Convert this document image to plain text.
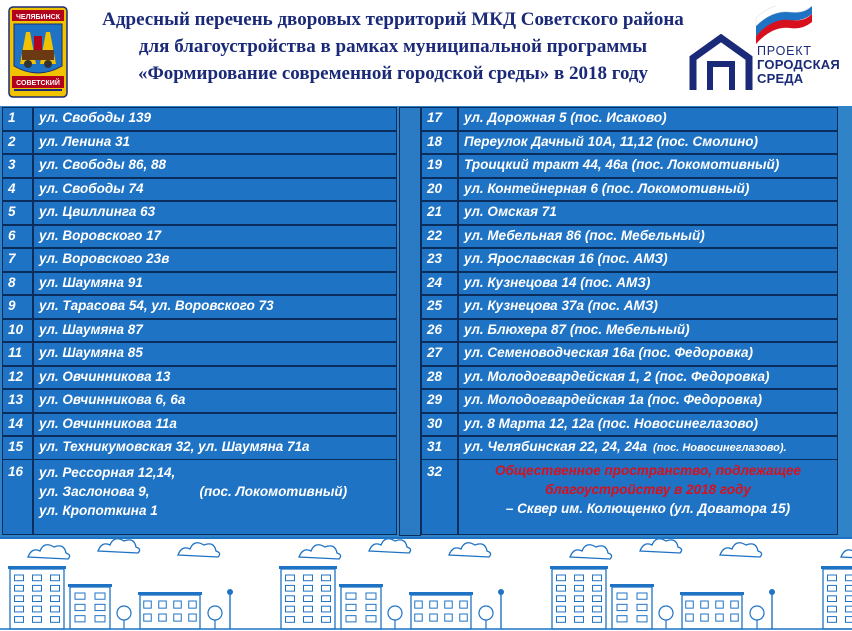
ЧЕЛЯБИНСК
СОВЕТСКИЙ
Адресный перечень дворовых территорий МКД Советского района
для благоустройства в рамках муниципальной программы
«Формирование современной городской среды» в 2018 году
ПРОЕКТ
ГОРОДСКАЯ
СРЕДА
1	ул. Свободы 139
2	ул. Ленина 31
3	ул. Свободы 86, 88
4	ул. Свободы 74
5	ул. Цвиллинга 63
6	ул. Воровского 17
7	ул. Воровского 23в
8	ул. Шаумяна 91
9	ул. Тарасова 54, ул. Воровского 73
10	ул. Шаумяна 87
11	ул. Шаумяна 85
12	ул. Овчинникова 13
13	ул. Овчинникова 6, 6а
14	ул. Овчинникова 11а
15	ул. Техникумовская 32, ул. Шаумяна 71а
17	ул. Дорожная 5 (пос. Исаково)
18	Переулок Дачный 10А, 11,12 (пос. Смолино)
19	Троицкий тракт 44, 46а (пос. Локомотивный)
20	ул. Контейнерная 6 (пос. Локомотивный)
21	ул. Омская 71
22	ул. Мебельная 86 (пос. Мебельный)
23	ул. Ярославская 16 (пос. АМЗ)
24	ул. Кузнецова 14 (пос. АМЗ)
25	ул. Кузнецова 37а (пос. АМЗ)
26	ул. Блюхера 87 (пос. Мебельный)
27	ул. Семеноводческая 16а (пос. Федоровка)
28	ул. Молодогвардейская 1, 2 (пос. Федоровка)
29	ул. Молодогвардейская 1а (пос. Федоровка)
30	ул. 8 Марта 12, 12а (пос. Новосинеглазово)
31	ул. Челябинская 22, 24, 24а (пос. Новосинеглазово).
16	ул. Рессорная 12,14,
ул. Заслонова 9,	(пос. Локомотивный)
ул. Кропоткина 1
32	Общественное пространство, подлежащее
благоустройству в 2018 году
– Сквер им. Колющенко (ул. Доватора 15)
